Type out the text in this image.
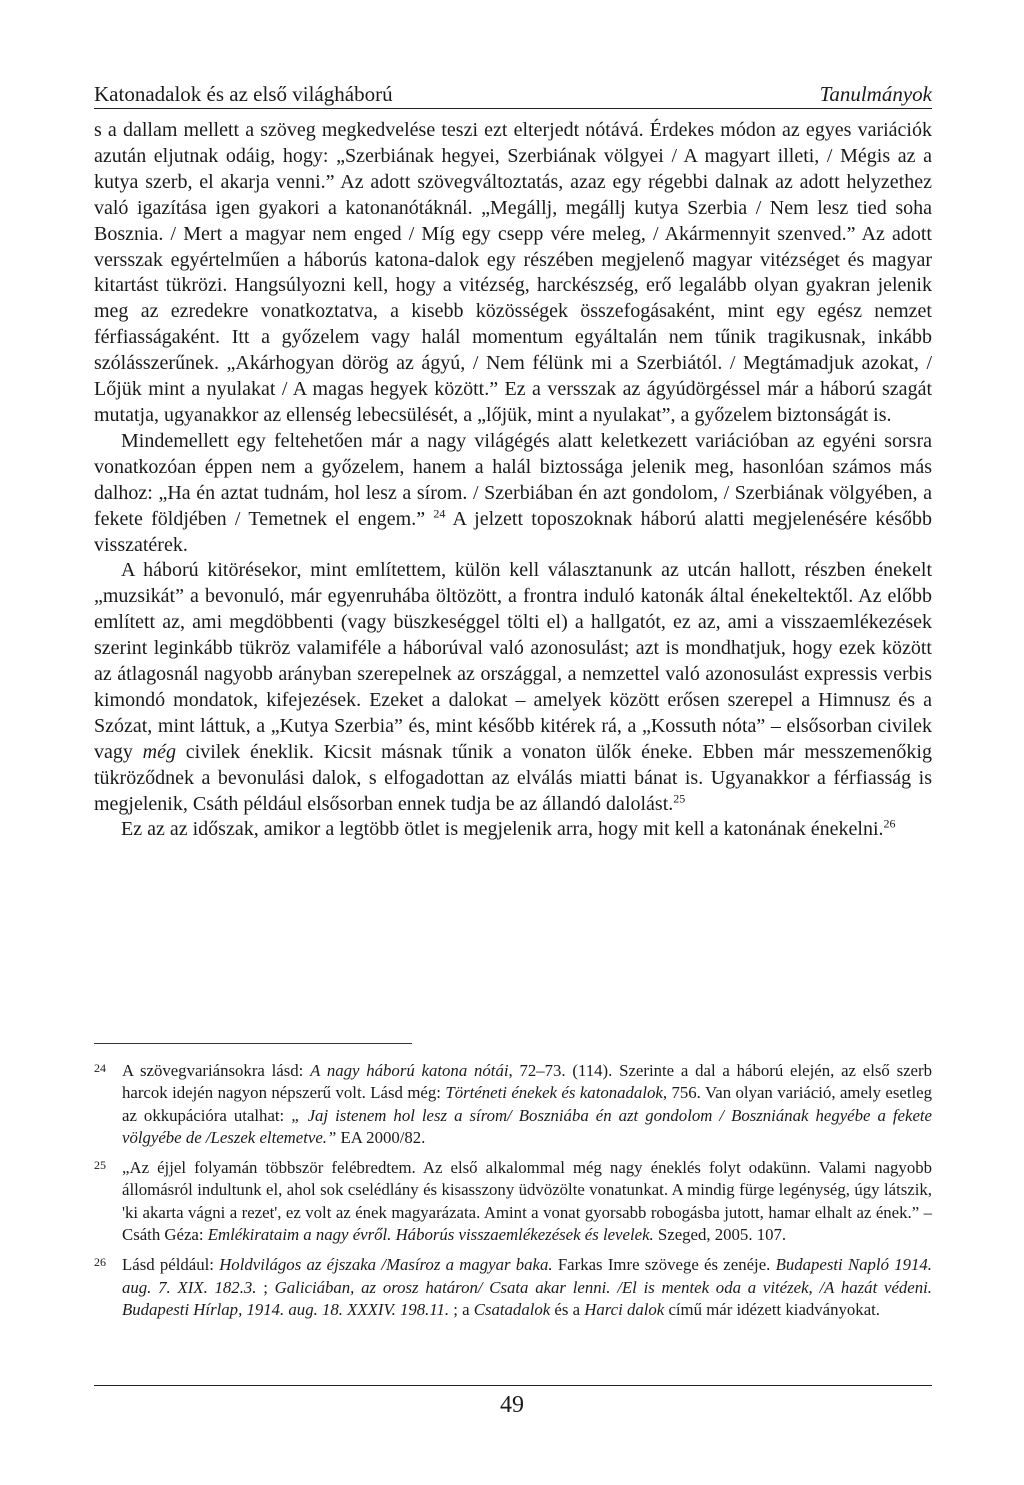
Katonadalok és az első világháború	Tanulmányok

s a dallam mellett a szöveg megkedvelése teszi ezt elterjedt nótává. Érdekes módon az egyes variációk azután eljutnak odáig, hogy: „Szerbiának hegyei, Szerbiának völgyei / A magyart illeti, / Mégis az a kutya szerb, el akarja venni.” Az adott szövegváltoztatás, azaz egy régebbi dalnak az adott helyzethez való igazítása igen gyakori a katonanótáknál. „Megállj, megállj kutya Szerbia / Nem lesz tied soha Bosznia. / Mert a magyar nem enged / Míg egy csepp vére meleg, / Akármennyit szenved.” Az adott versszak egyértelműen a háborús katona-dalok egy részében megjelenő magyar vitézséget és magyar kitartást tükrözi. Hangsúlyozni kell, hogy a vitézség, harckészség, erő legalább olyan gyakran jelenik meg az ezredekre vonatkoztatva, a kisebb közösségek összefogásaként, mint egy egész nemzet férfiasságaként. Itt a győzelem vagy halál momentum egyáltalán nem tűnik tragikusnak, inkább szólásszerűnek. „Akárhogyan dörög az ágyú, / Nem félünk mi a Szerbiától. / Megtámadjuk azokat, / Lőjük mint a nyulakat / A magas hegyek között.” Ez a versszak az ágyúdörgéssel már a háború szagát mutatja, ugyanakkor az ellenség lebecsülését, a „lőjük, mint a nyulakat”, a győzelem biztonságát is.

Mindemellett egy feltehetően már a nagy világégés alatt keletkezett variációban az egyéni sorsra vonatkozóan éppen nem a győzelem, hanem a halál biztossága jelenik meg, hasonlóan számos más dalhoz: „Ha én aztat tudnám, hol lesz a sírom. / Szerbiában én azt gondolom, / Szerbiának völgyében, a fekete földjében / Temetnek el engem.” $^{24}$ A jelzett toposzoknak háború alatti megjelenésére később visszatérek.

A háború kitörésekor, mint említettem, külön kell választanunk az utcán hallott, részben énekelt „muzsikát” a bevonuló, már egyenruhába öltözött, a frontra induló katonák által énekeltektől. Az előbb említett az, ami megdöbbenti (vagy büszkeséggel tölti el) a hallgatót, ez az, ami a visszaemlékezések szerint leginkább tükröz valamiféle a háborúval való azonosulást; azt is mondhatjuk, hogy ezek között az átlagosnál nagyobb arányban szerepelnek az országgal, a nemzettel való azonosulást expressis verbis kimondó mondatok, kifejezések. Ezeket a dalokat – amelyek között erősen szerepel a Himnusz és a Szózat, mint láttuk, a „Kutya Szerbia” és, mint később kitérek rá, a „Kossuth nóta” – elsősorban civilek vagy még civilek éneklik. Kicsit másnak tűnik a vonaton ülők éneke. Ebben már messzemenőkig tükröződnek a bevonulási dalok, s elfogadottan az elválás miatti bánat is. Ugyanakkor a férfiasság is megjelenik, Csáth például elsősorban ennek tudja be az állandó dalolást.$^{25}$

Ez az az időszak, amikor a legtöbb ötlet is megjelenik arra, hogy mit kell a katonának énekelni.$^{26}$

24 A szövegvariánsokra lásd: A nagy háború katona nótái, 72–73. (114). Szerinte a dal a háború elején, az első szerb harcok idején nagyon népszerű volt. Lásd még: Történeti énekek és katonadalok, 756. Van olyan variáció, amely esetleg az okkupációra utalhat: „ Jaj istenem hol lesz a sírom/ Boszniába én azt gondolom / Boszniának hegyébe a fekete völgyébe de /Leszek eltemetve.” EA 2000/82.
25 „Az éjjel folyamán többször felébredtem. Az első alkalommal még nagy éneklés folyt odakünn. Valami nagyobb állomásról indultunk el, ahol sok cselédlány és kisasszony üdvözölte vonatunkat. A mindig fürge legénység, úgy látszik, 'ki akarta vágni a rezet', ez volt az ének magyarázata. Amint a vonat gyorsabb robogásba jutott, hamar elhalt az ének.” – Csáth Géza: Emlékirataim a nagy évről. Háborús visszaemlékezések és levelek. Szeged, 2005. 107.
26 Lásd például: Holdvilágos az éjszaka /Masíroz a magyar baka. Farkas Imre szövege és zenéje. Budapesti Napló 1914. aug. 7. XIX. 182.3. ; Galiciában, az orosz határon/ Csata akar lenni. /El is mentek oda a vitézek, /A hazát védeni. Budapesti Hírlap, 1914. aug. 18. XXXIV. 198.11. ; a Csatadalok és a Harci dalok című már idézett kiadványokat.
49
